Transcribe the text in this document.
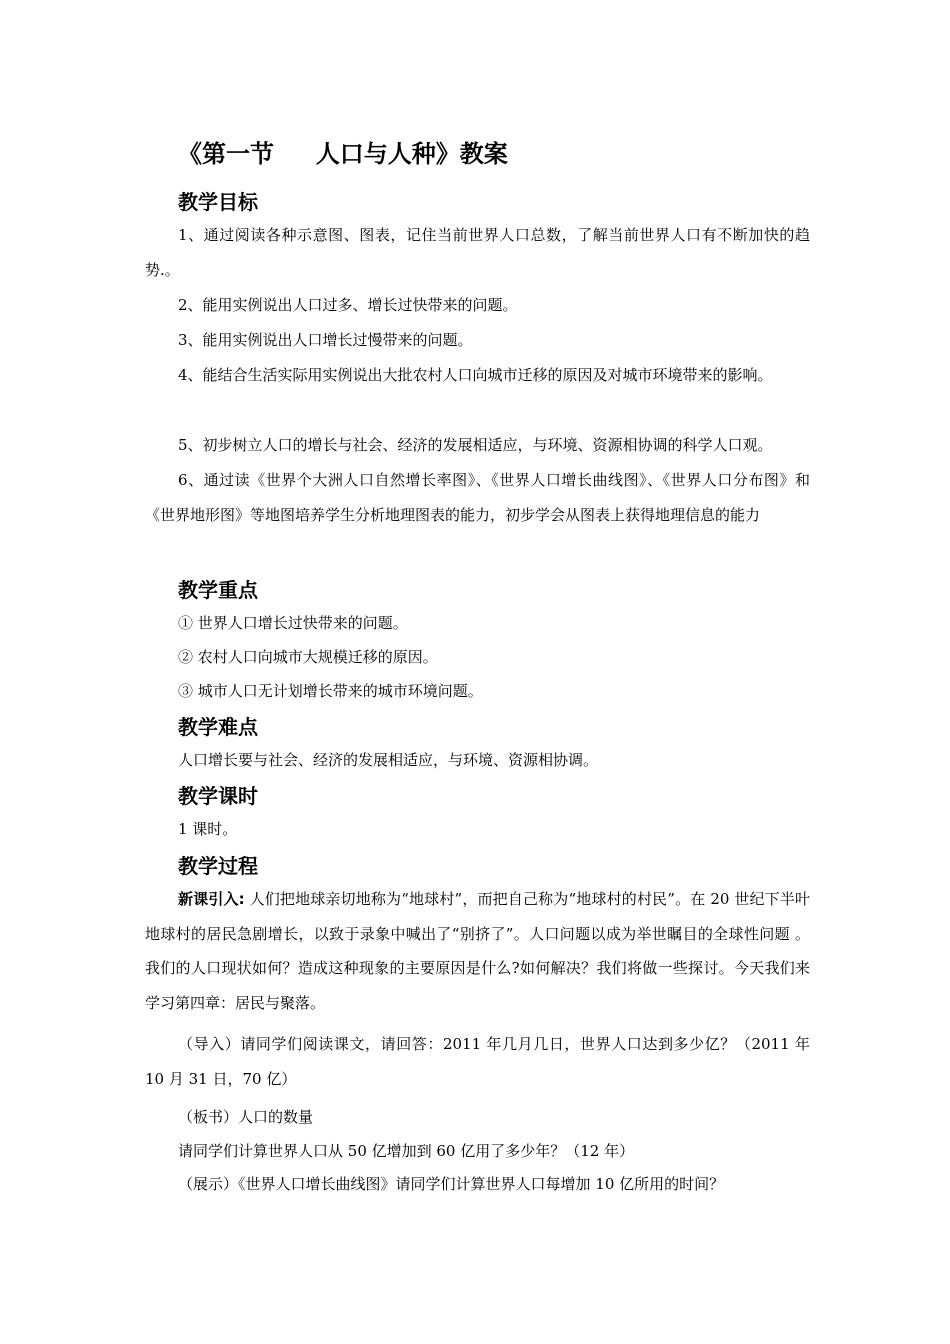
《第一节     人口与人种》教案
教学目标
1、通过阅读各种示意图、图表，记住当前世界人口总数，了解当前世界人口有不断加快的趋势.。
2、能用实例说出人口过多、增长过快带来的问题。
3、能用实例说出人口增长过慢带来的问题。
4、能结合生活实际用实例说出大批农村人口向城市迁移的原因及对城市环境带来的影响。
5、初步树立人口的增长与社会、经济的发展相适应，与环境、资源相协调的科学人口观。
6、通过读《世界个大洲人口自然增长率图》、《世界人口增长曲线图》、《世界人口分布图》和《世界地形图》等地图培养学生分析地理图表的能力，初步学会从图表上获得地理信息的能力
教学重点
① 世界人口增长过快带来的问题。
② 农村人口向城市大规模迁移的原因。
③ 城市人口无计划增长带来的城市环境问题。
教学难点
人口增长要与社会、经济的发展相适应，与环境、资源相协调。
教学课时
1 课时。
教学过程
新课引入: 人们把地球亲切地称为“地球村”，而把自己称为“地球村的村民”。在 20 世纪下半叶地球村的居民急剧增长，以致于录象中喊出了“别挤了”。人口问题以成为举世瞩目的全球性问题 。我们的人口现状如何？造成这种现象的主要原因是什么?如何解决？我们将做一些探讨。今天我们来学习第四章：居民与聚落。
（导入）请同学们阅读课文，请回答：2011 年几月几日，世界人口达到多少亿？（2011 年 10 月 31 日，70 亿）
（板书）人口的数量
请同学们计算世界人口从 50 亿增加到 60 亿用了多少年？（12 年）
（展示）《世界人口增长曲线图》请同学们计算世界人口每增加 10 亿所用的时间？
